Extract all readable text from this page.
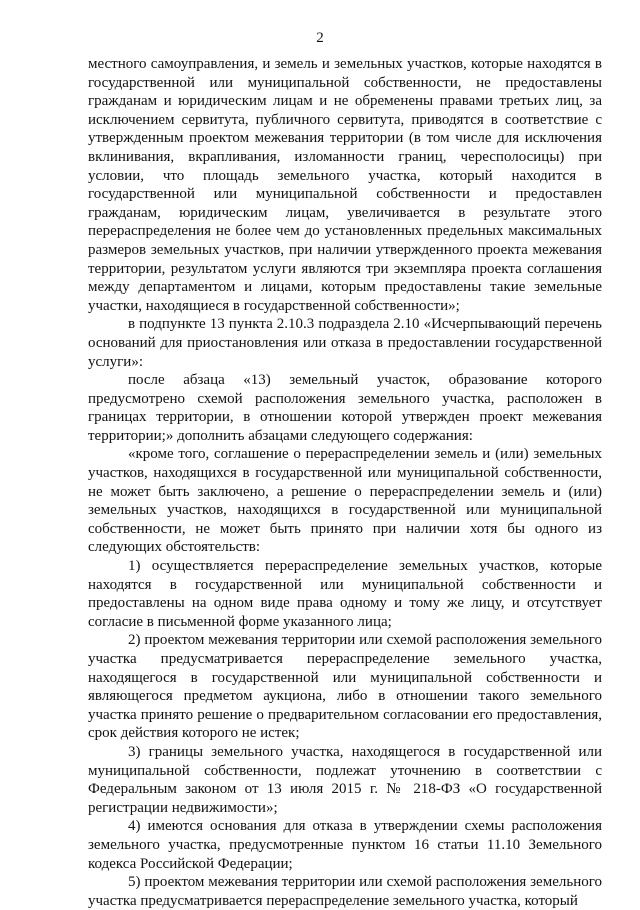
2

местного самоуправления, и земель и земельных участков, которые находятся в государственной или муниципальной собственности, не предоставлены гражданам и юридическим лицам и не обременены правами третьих лиц, за исключением сервитута, публичного сервитута, приводятся в соответствие с утвержденным проектом межевания территории (в том числе для исключения вклинивания, вкрапливания, изломанности границ, чересполосицы) при условии, что площадь земельного участка, который находится в государственной или муниципальной собственности и предоставлен гражданам, юридическим лицам, увеличивается в результате этого перераспределения не более чем до установленных предельных максимальных размеров земельных участков, при наличии утвержденного проекта межевания территории, результатом услуги являются три экземпляра проекта соглашения между департаментом и лицами, которым предоставлены такие земельные участки, находящиеся в государственной собственности»;

в подпункте 13 пункта 2.10.3 подраздела 2.10 «Исчерпывающий перечень оснований для приостановления или отказа в предоставлении государственной услуги»:

после абзаца «13) земельный участок, образование которого предусмотрено схемой расположения земельного участка, расположен в границах территории, в отношении которой утвержден проект межевания территории;» дополнить абзацами следующего содержания:

«кроме того, соглашение о перераспределении земель и (или) земельных участков, находящихся в государственной или муниципальной собственности, не может быть заключено, а решение о перераспределении земель и (или) земельных участков, находящихся в государственной или муниципальной собственности, не может быть принято при наличии хотя бы одного из следующих обстоятельств:

1) осуществляется перераспределение земельных участков, которые находятся в государственной или муниципальной собственности и предоставлены на одном виде права одному и тому же лицу, и отсутствует согласие в письменной форме указанного лица;

2) проектом межевания территории или схемой расположения земельного участка предусматривается перераспределение земельного участка, находящегося в государственной или муниципальной собственности и являющегося предметом аукциона, либо в отношении такого земельного участка принято решение о предварительном согласовании его предоставления, срок действия которого не истек;

3) границы земельного участка, находящегося в государственной или муниципальной собственности, подлежат уточнению в соответствии с Федеральным законом от 13 июля 2015 г. № 218-ФЗ «О государственной регистрации недвижимости»;

4) имеются основания для отказа в утверждении схемы расположения земельного участка, предусмотренные пунктом 16 статьи 11.10 Земельного кодекса Российской Федерации;

5) проектом межевания территории или схемой расположения земельного участка предусматривается перераспределение земельного участка, который
